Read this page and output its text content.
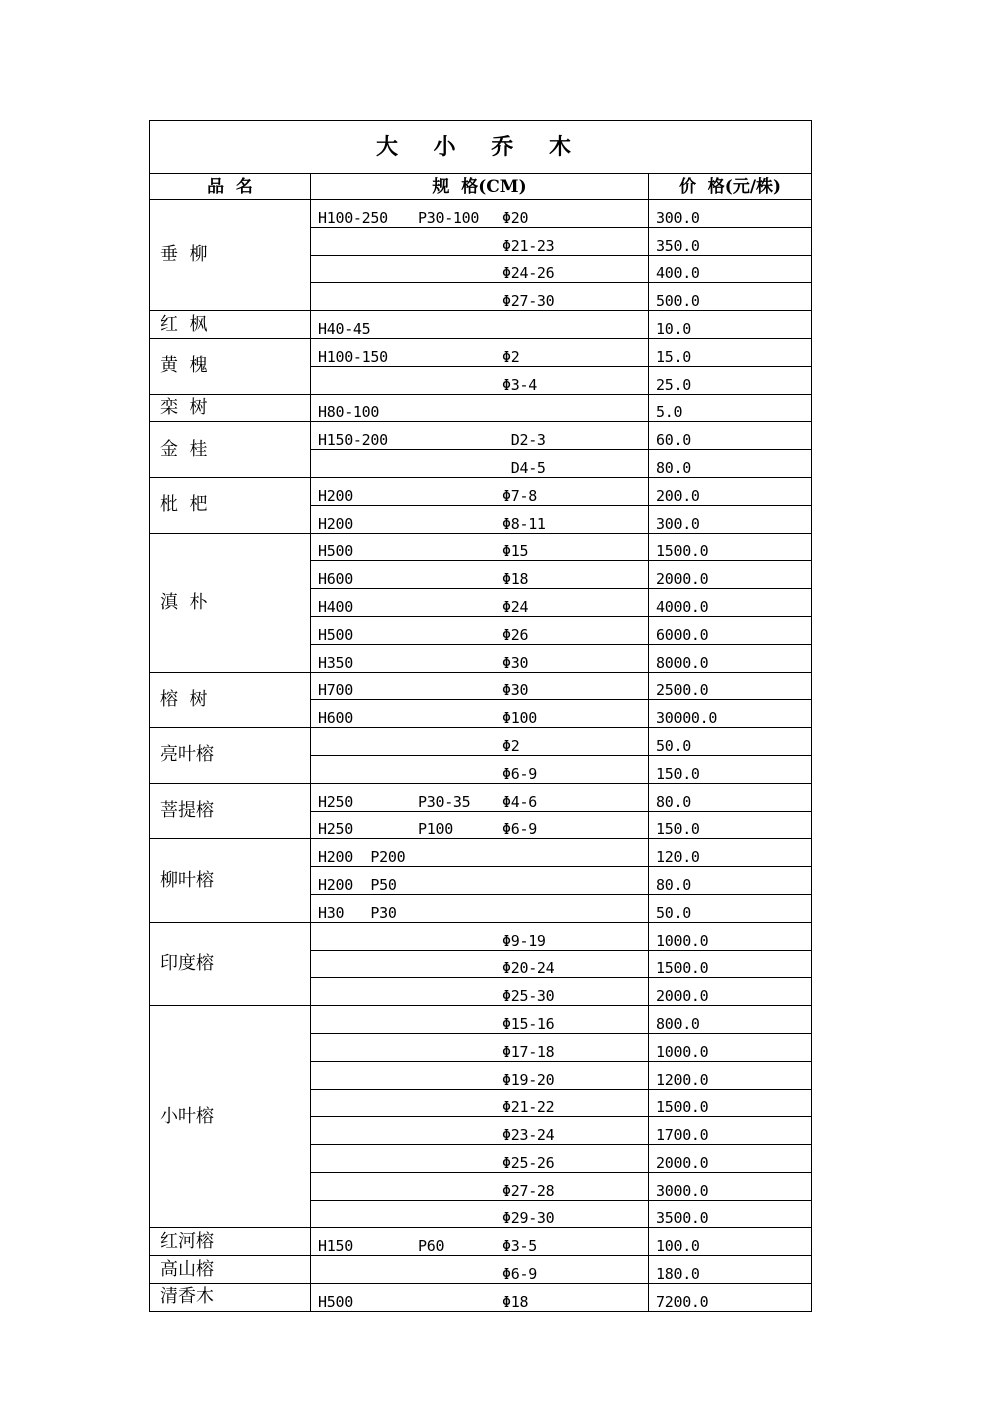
大 小 乔 木		
品  名	规  格(CM)	价  格(元/株)
垂  柳	H100-250 P30-100 Φ20	300.0
	Φ21-23	350.0
	Φ24-26	400.0
	Φ27-30	500.0
红  枫	H40-45	10.0
黄  槐	H100-150 Φ2	15.0
	Φ3-4	25.0
栾  树	H80-100	5.0
金  桂	H150-200 D2-3	60.0
	D4-5	80.0
枇  杷	H200 Φ7-8	200.0
	H200 Φ8-11	300.0
滇  朴	H500 Φ15	1500.0
	H600 Φ18	2000.0
	H400 Φ24	4000.0
	H500 Φ26	6000.0
	H350 Φ30	8000.0
榕  树	H700 Φ30	2500.0
	H600 Φ100	30000.0
亮叶榕	Φ2	50.0
	Φ6-9	150.0
菩提榕	H250 P30-35 Φ4-6	80.0
	H250 P100 Φ6-9	150.0
柳叶榕	H200  P200	120.0
	H200  P50	80.0
	H30   P30	50.0
印度榕	Φ9-19	1000.0
	Φ20-24	1500.0
	Φ25-30	2000.0
小叶榕	Φ15-16	800.0
	Φ17-18	1000.0
	Φ19-20	1200.0
	Φ21-22	1500.0
	Φ23-24	1700.0
	Φ25-26	2000.0
	Φ27-28	3000.0
	Φ29-30	3500.0
红河榕	H150 P60 Φ3-5	100.0
高山榕	Φ6-9	180.0
清香木	H500 Φ18	7200.0
